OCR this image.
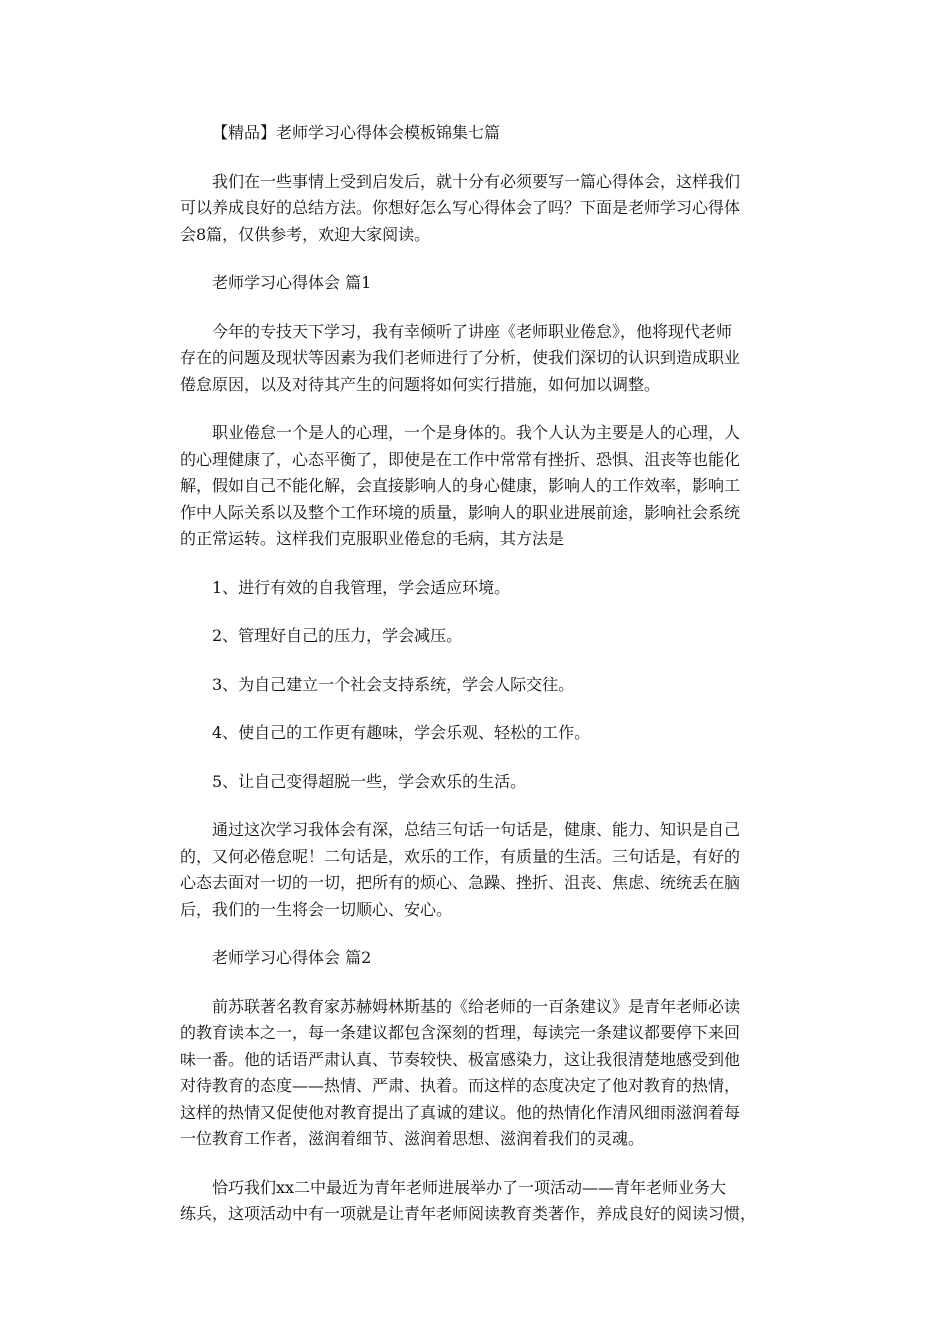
【精品】老师学习心得体会模板锦集七篇
我们在一些事情上受到启发后，就十分有必须要写一篇心得体会，这样我们
可以养成良好的总结方法。你想好怎么写心得体会了吗？下面是老师学习心得体
会8篇，仅供参考，欢迎大家阅读。
老师学习心得体会 篇1
今年的专技天下学习，我有幸倾听了讲座《老师职业倦怠》，他将现代老师
存在的问题及现状等因素为我们老师进行了分析，使我们深切的认识到造成职业
倦怠原因，以及对待其产生的问题将如何实行措施，如何加以调整。
职业倦怠一个是人的心理，一个是身体的。我个人认为主要是人的心理，人
的心理健康了，心态平衡了，即使是在工作中常常有挫折、恐惧、沮丧等也能化
解，假如自己不能化解，会直接影响人的身心健康，影响人的工作效率，影响工
作中人际关系以及整个工作环境的质量，影响人的职业进展前途，影响社会系统
的正常运转。这样我们克服职业倦怠的毛病，其方法是
1、进行有效的自我管理，学会适应环境。
2、管理好自己的压力，学会减压。
3、为自己建立一个社会支持系统，学会人际交往。
4、使自己的工作更有趣味，学会乐观、轻松的工作。
5、让自己变得超脱一些，学会欢乐的生活。
通过这次学习我体会有深，总结三句话一句话是，健康、能力、知识是自己
的，又何必倦怠呢！二句话是，欢乐的工作，有质量的生活。三句话是，有好的
心态去面对一切的一切，把所有的烦心、急躁、挫折、沮丧、焦虑、统统丢在脑
后，我们的一生将会一切顺心、安心。
老师学习心得体会 篇2
前苏联著名教育家苏赫姆林斯基的《给老师的一百条建议》是青年老师必读
的教育读本之一，每一条建议都包含深刻的哲理，每读完一条建议都要停下来回
味一番。他的话语严肃认真、节奏较快、极富感染力，这让我很清楚地感受到他
对待教育的态度——热情、严肃、执着。而这样的态度决定了他对教育的热情，
这样的热情又促使他对教育提出了真诚的建议。他的热情化作清风细雨滋润着每
一位教育工作者，滋润着细节、滋润着思想、滋润着我们的灵魂。
恰巧我们xx二中最近为青年老师进展举办了一项活动——青年老师业务大
练兵，这项活动中有一项就是让青年老师阅读教育类著作，养成良好的阅读习惯，
